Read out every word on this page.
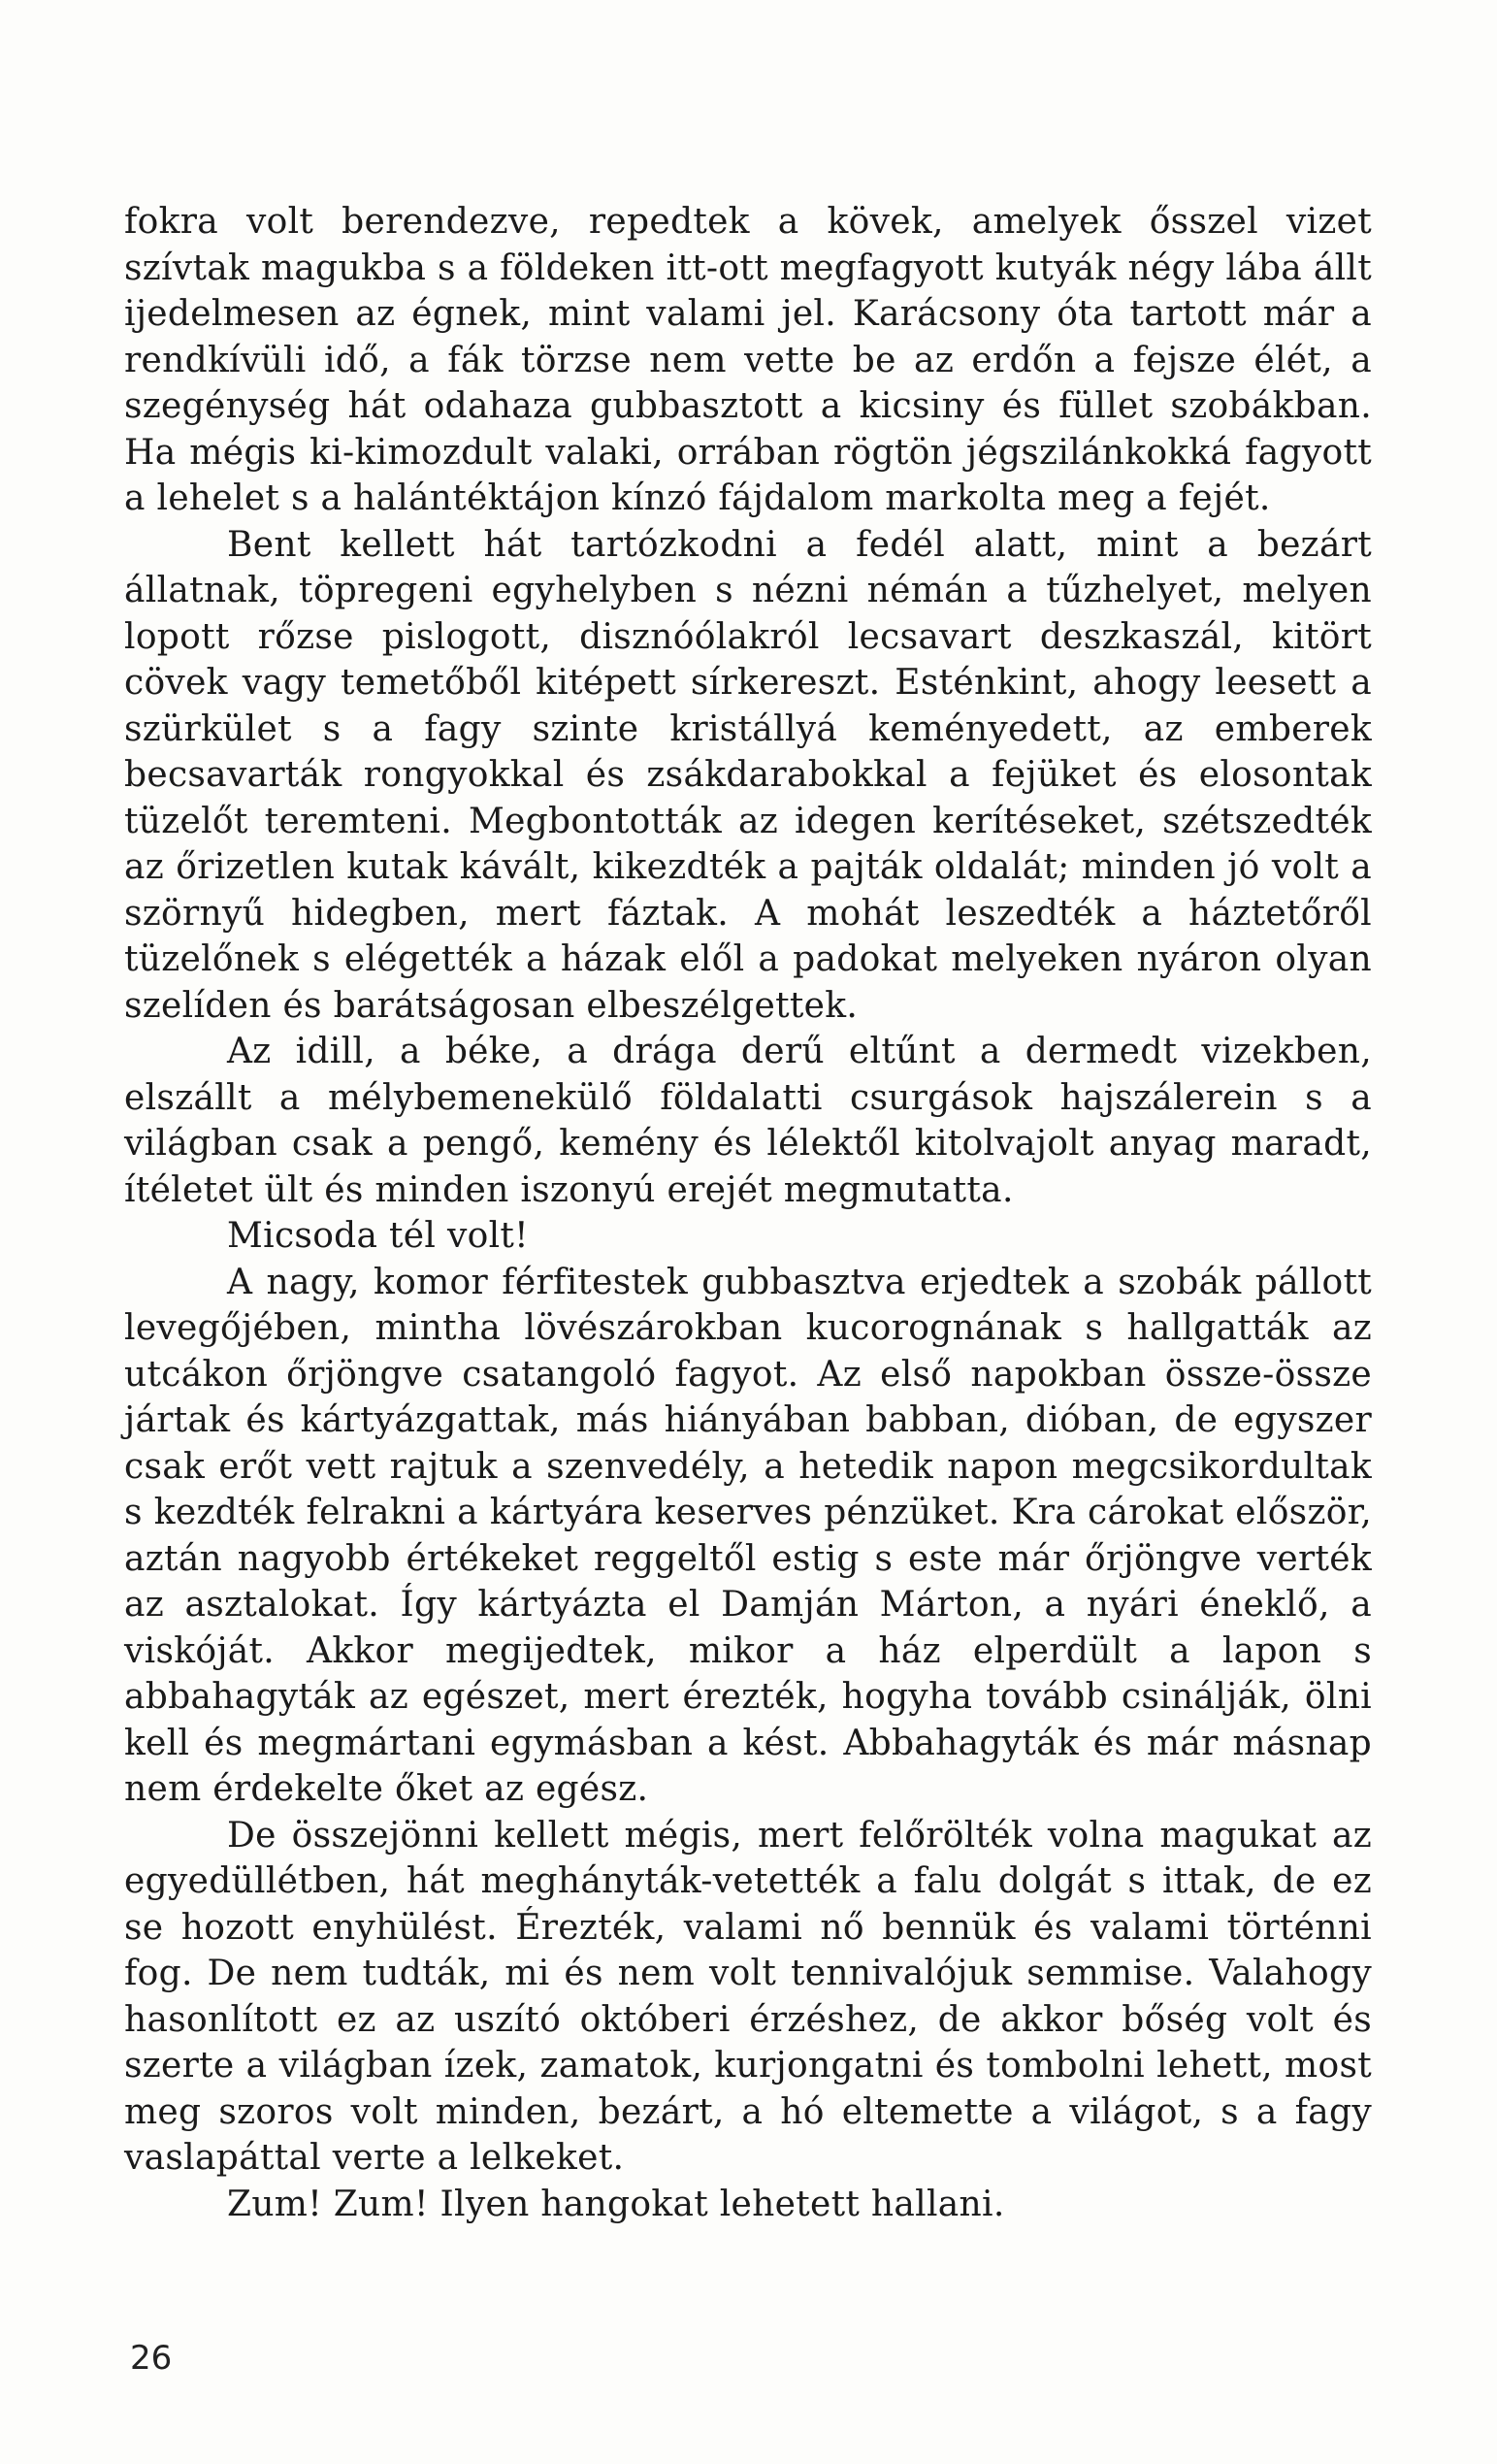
fokra volt berendezve, repedtek a kövek, amelyek ősszel vizet szívtak magukba s a földeken itt-ott megfagyott kutyák négy lába állt ijedelmesen az égnek, mint valami jel. Karácsony óta tartott már a rendkívüli idő, a fák törzse nem vette be az erdőn a fejsze élét, a szegénység hát odahaza gubbasztott a kicsiny és füllet szobákban. Ha mégis ki-kimozdult valaki, orrában rögtön jégszilánkokká fagyott a lehelet s a halántéktájon kínzó fájdalom markolta meg a fejét.

Bent kellett hát tartózkodni a fedél alatt, mint a bezárt állatnak, töpregeni egyhelyben s nézni némán a tűzhelyet, melyen lopott rőzse pislogott, disznóólakról lecsavart deszkaszál, kitört cövek vagy temetőből kitépett sírkereszt. Esténkint, ahogy leesett a szürkület s a fagy szinte kristállyá keményedett, az emberek becsavarták rongyokkal és zsákdarabokkal a fejüket és elosontak tüzelőt teremteni. Megbontották az idegen kerítéseket, szétszedték az őrizetlen kutak kávált, kikezdték a pajták oldalát; minden jó volt a szörnyű hidegben, mert fáztak. A mohát leszedték a háztetőről tüzelőnek s elégették a házak elől a padokat melyeken nyáron olyan szelíden és barátságosan elbeszélgettek.

Az idill, a béke, a drága derű eltűnt a dermedt vizekben, elszállt a mélybemenekülő földalatti csurgások hajszálerein s a világban csak a pengő, kemény és lélektől kitolvajolt anyag maradt, ítéletet ült és minden iszonyú erejét megmutatta.

Micsoda tél volt!

A nagy, komor férfitestek gubbasztva erjedtek a szobák pállott levegőjében, mintha lövészárokban kucorognának s hallgatták az utcákon őrjöngve csatangoló fagyot. Az első napokban össze-össze jártak és kártyázgattak, más hiányában babban, dióban, de egyszer csak erőt vett rajtuk a szenvedély, a hetedik napon megcsikordultak s kezdték felrakni a kártyára keserves pénzüket. Kra cárokat először, aztán nagyobb értékeket reggeltől estig s este már őrjöngve verték az asztalokat. Így kártyázta el Damján Márton, a nyári éneklő, a viskóját. Akkor megijedtek, mikor a ház elperdült a lapon s abbahagyták az egészet, mert érezték, hogyha tovább csinálják, ölni kell és megmártani egymásban a kést. Abbahagyták és már másnap nem érdekelte őket az egész.

De összejönni kellett mégis, mert felőrölték volna magukat az egyedüllétben, hát meghányták-vetették a falu dolgát s ittak, de ez se hozott enyhülést. Érezték, valami nő bennük és valami történni fog. De nem tudták, mi és nem volt tennivalójuk semmise. Valahogy hasonlított ez az uszító októberi érzéshez, de akkor bőség volt és szerte a világban ízek, zamatok, kurjongatni és tombolni lehett, most meg szoros volt minden, bezárt, a hó eltemette a világot, s a fagy vaslapáttal verte a lelkeket.

Zum! Zum! Ilyen hangokat lehetett hallani.

26
